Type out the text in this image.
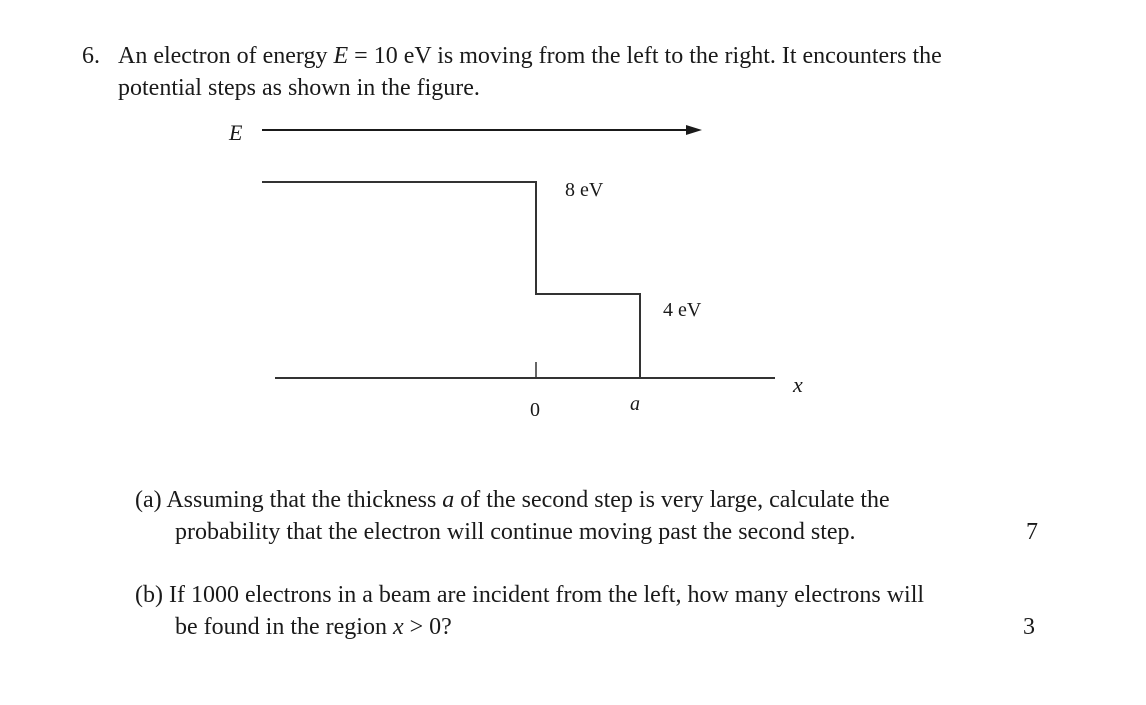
6. An electron of energy E = 10 eV is moving from the left to the right. It encounters the
potential steps as shown in the figure.
E
8 eV
4 eV
0	a
x
(a) Assuming that the thickness a of the second step is very large, calculate the
probability that the electron will continue moving past the second step.	7
(b) If 1000 electrons in a beam are incident from the left, how many electrons will
be found in the region x > 0?	3
